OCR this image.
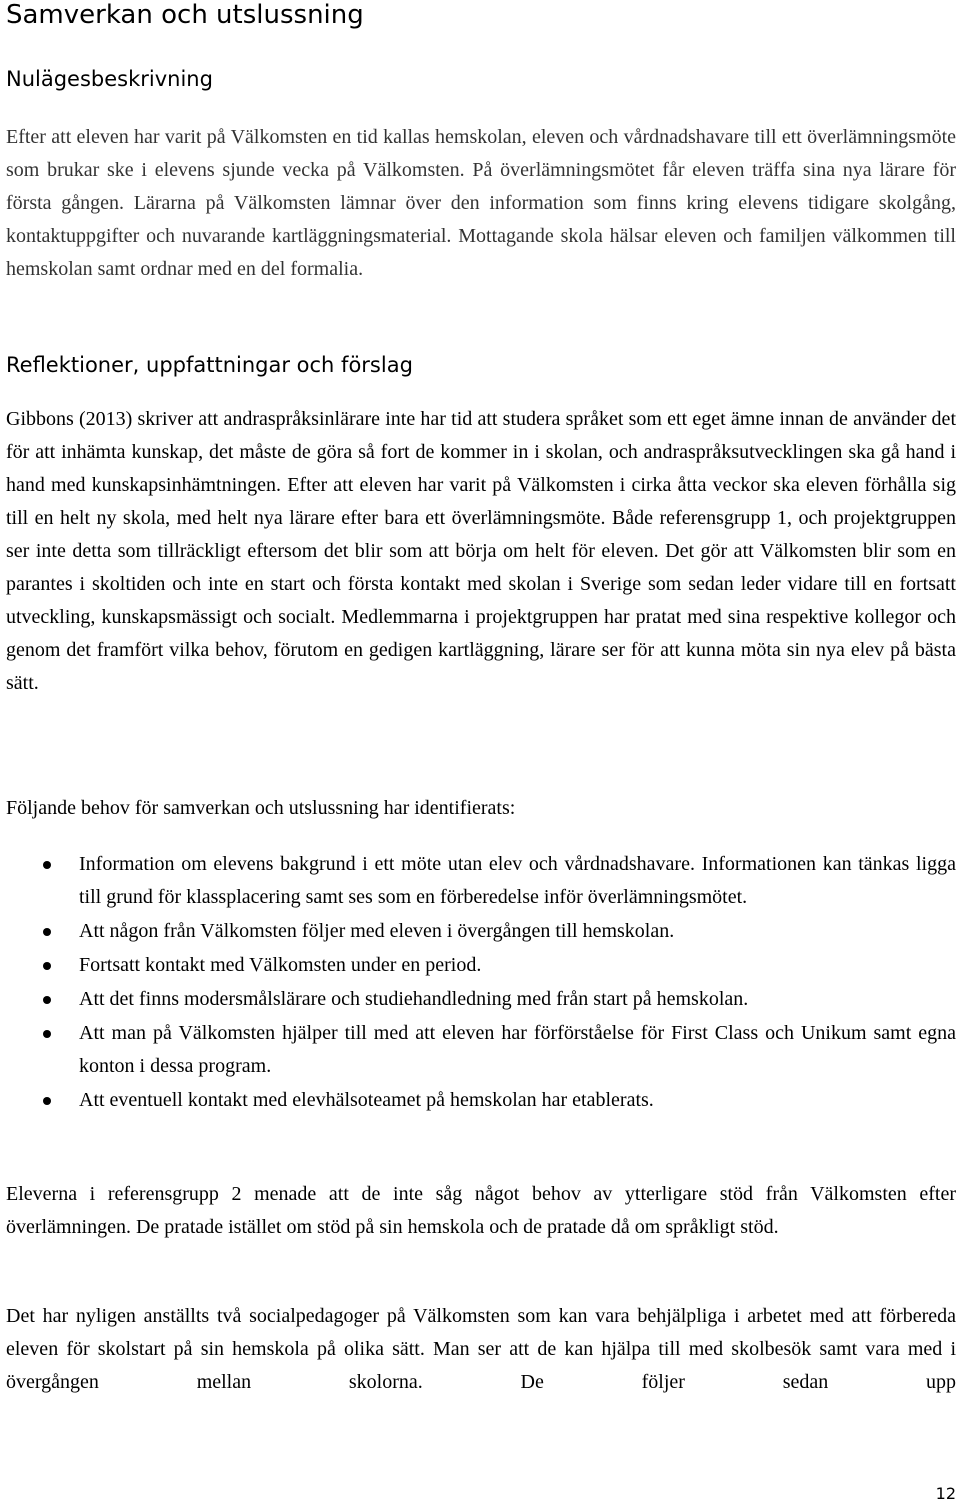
Samverkan och utslussning
Nulägesbeskrivning

Efter att eleven har varit på Välkomsten en tid kallas hemskolan, eleven och vårdnadshavare till ett överlämningsmöte som brukar ske i elevens sjunde vecka på Välkomsten. På överlämningsmötet får eleven träffa sina nya lärare för första gången. Lärarna på Välkomsten lämnar över den information som finns kring elevens tidigare skolgång, kontaktuppgifter och nuvarande kartläggningsmaterial. Mottagande skola hälsar eleven och familjen välkommen till hemskolan samt ordnar med en del formalia.

Reflektioner, uppfattningar och förslag

Gibbons (2013) skriver att andraspråksinlärare inte har tid att studera språket som ett eget ämne innan de använder det för att inhämta kunskap, det måste de göra så fort de kommer in i skolan, och andraspråksutvecklingen ska gå hand i hand med kunskapsinhämtningen. Efter att eleven har varit på Välkomsten i cirka åtta veckor ska eleven förhålla sig till en helt ny skola, med helt nya lärare efter bara ett överlämningsmöte. Både referensgrupp 1, och projektgruppen ser inte detta som tillräckligt eftersom det blir som att börja om helt för eleven. Det gör att Välkomsten blir som en parantes i skoltiden och inte en start och första kontakt med skolan i Sverige som sedan leder vidare till en fortsatt utveckling, kunskapsmässigt och socialt. Medlemmarna i projektgruppen har pratat med sina respektive kollegor och genom det framfört vilka behov, förutom en gedigen kartläggning, lärare ser för att kunna möta sin nya elev på bästa sätt.

Följande behov för samverkan och utslussning har identifierats:

Information om elevens bakgrund i ett möte utan elev och vårdnadshavare. Informationen kan tänkas ligga till grund för klassplacering samt ses som en förberedelse inför överlämningsmötet.
Att någon från Välkomsten följer med eleven i övergången till hemskolan.
Fortsatt kontakt med Välkomsten under en period.
Att det finns modersmålslärare och studiehandledning med från start på hemskolan.
Att man på Välkomsten hjälper till med att eleven har förförståelse för First Class och Unikum samt egna konton i dessa program.
Att eventuell kontakt med elevhälsoteamet på hemskolan har etablerats.

Eleverna i referensgrupp 2 menade att de inte såg något behov av ytterligare stöd från Välkomsten efter överlämningen. De pratade istället om stöd på sin hemskola och de pratade då om språkligt stöd.

Det har nyligen anställts två socialpedagoger på Välkomsten som kan vara behjälpliga i arbetet med att förbereda eleven för skolstart på sin hemskola på olika sätt. Man ser att de kan hjälpa till med skolbesök samt vara med i övergången mellan skolorna. De följer sedan upp

12
